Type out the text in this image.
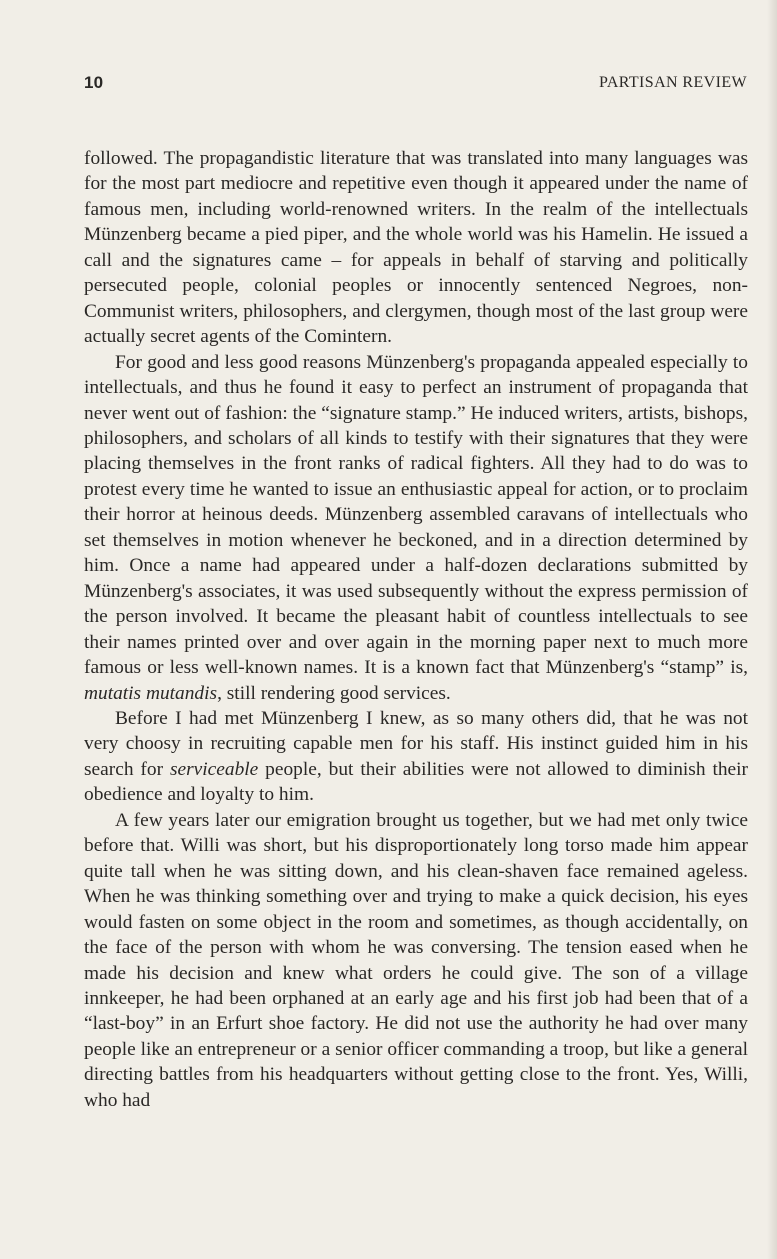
10	PARTISAN REVIEW

followed. The propagandistic literature that was translated into many languages was for the most part mediocre and repetitive even though it appeared under the name of famous men, including world-renowned writers. In the realm of the intellectuals Münzenberg became a pied piper, and the whole world was his Hamelin. He issued a call and the signatures came – for appeals in behalf of starving and politically persecuted people, colonial peoples or innocently sentenced Negroes, non-Communist writers, philosophers, and clergymen, though most of the last group were actually secret agents of the Comintern.

For good and less good reasons Münzenberg's propaganda appealed especially to intellectuals, and thus he found it easy to perfect an instrument of propaganda that never went out of fashion: the “signature stamp.” He induced writers, artists, bishops, philosophers, and scholars of all kinds to testify with their signatures that they were placing themselves in the front ranks of radical fighters. All they had to do was to protest every time he wanted to issue an enthusiastic appeal for action, or to proclaim their horror at heinous deeds. Münzenberg assembled caravans of intellectuals who set themselves in motion whenever he beckoned, and in a direction determined by him. Once a name had appeared under a half-dozen declarations submitted by Münzenberg's associates, it was used subsequently without the express permission of the person involved. It became the pleasant habit of countless intellectuals to see their names printed over and over again in the morning paper next to much more famous or less well-known names. It is a known fact that Münzenberg's “stamp” is, mutatis mutandis, still rendering good services.

Before I had met Münzenberg I knew, as so many others did, that he was not very choosy in recruiting capable men for his staff. His instinct guided him in his search for serviceable people, but their abilities were not allowed to diminish their obedience and loyalty to him.

A few years later our emigration brought us together, but we had met only twice before that. Willi was short, but his disproportionately long torso made him appear quite tall when he was sitting down, and his clean-shaven face remained ageless. When he was thinking something over and trying to make a quick decision, his eyes would fasten on some object in the room and sometimes, as though accidentally, on the face of the person with whom he was conversing. The tension eased when he made his decision and knew what orders he could give. The son of a village innkeeper, he had been orphaned at an early age and his first job had been that of a “last-boy” in an Erfurt shoe factory. He did not use the authority he had over many people like an entrepreneur or a senior officer commanding a troop, but like a general directing battles from his headquarters without getting close to the front. Yes, Willi, who had
